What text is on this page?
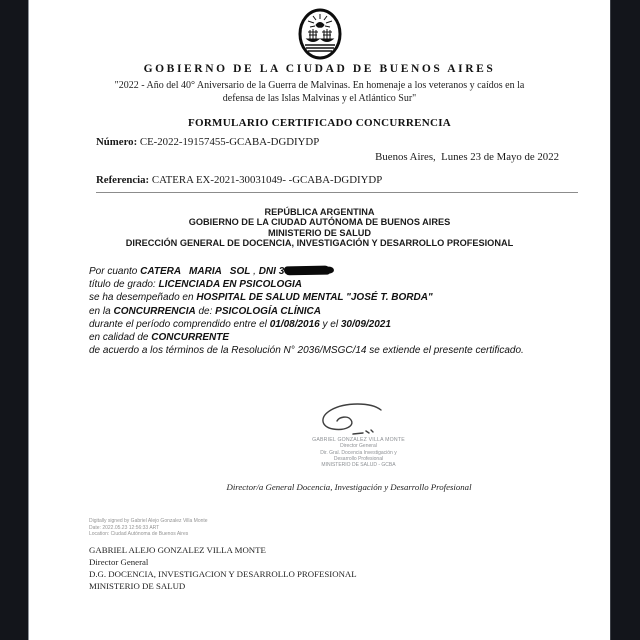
GOBIERNO DE LA CIUDAD DE BUENOS AIRES
"2022 - Año del 40° Aniversario de la Guerra de Malvinas. En homenaje a los veteranos y caídos en la
defensa de las Islas Malvinas y el Atlántico Sur"
FORMULARIO CERTIFICADO CONCURRENCIA
Número: CE-2022-19157455-GCABA-DGDIYDP
Buenos Aires,  Lunes 23 de Mayo de 2022
Referencia: CATERA EX-2021-30031049- -GCABA-DGDIYDP
REPÚBLICA ARGENTINA
GOBIERNO DE LA CIUDAD AUTÓNOMA DE BUENOS AIRES
MINISTERIO DE SALUD
DIRECCIÓN GENERAL DE DOCENCIA, INVESTIGACIÓN Y DESARROLLO PROFESIONAL
Por cuanto CATERA   MARIA   SOL , DNI 3
título de grado: LICENCIADA EN PSICOLOGIA
se ha desempeñado en HOSPITAL DE SALUD MENTAL "JOSÉ T. BORDA"
en la CONCURRENCIA de: PSICOLOGÍA CLÍNICA
durante el período comprendido entre el 01/08/2016 y el 30/09/2021
en calidad de CONCURRENTE
de acuerdo a los términos de la Resolución N° 2036/MSGC/14 se extiende el presente certificado.
GABRIEL GONZALEZ VILLA MONTE
Director General
Dir. Gral. Docencia Investigación y
Desarrollo Profesional
MINISTERIO DE SALUD - GCBA
Director/a General Docencia, Investigación y Desarrollo Profesional
Digitally signed by Gabriel Alejo Gonzalez Villa Monte
Date: 2022.05.23 12:56:33 ART
Location: Ciudad Autónoma de Buenos Aires
GABRIEL ALEJO GONZALEZ VILLA MONTE
Director General
D.G. DOCENCIA, INVESTIGACION Y DESARROLLO PROFESIONAL
MINISTERIO DE SALUD
